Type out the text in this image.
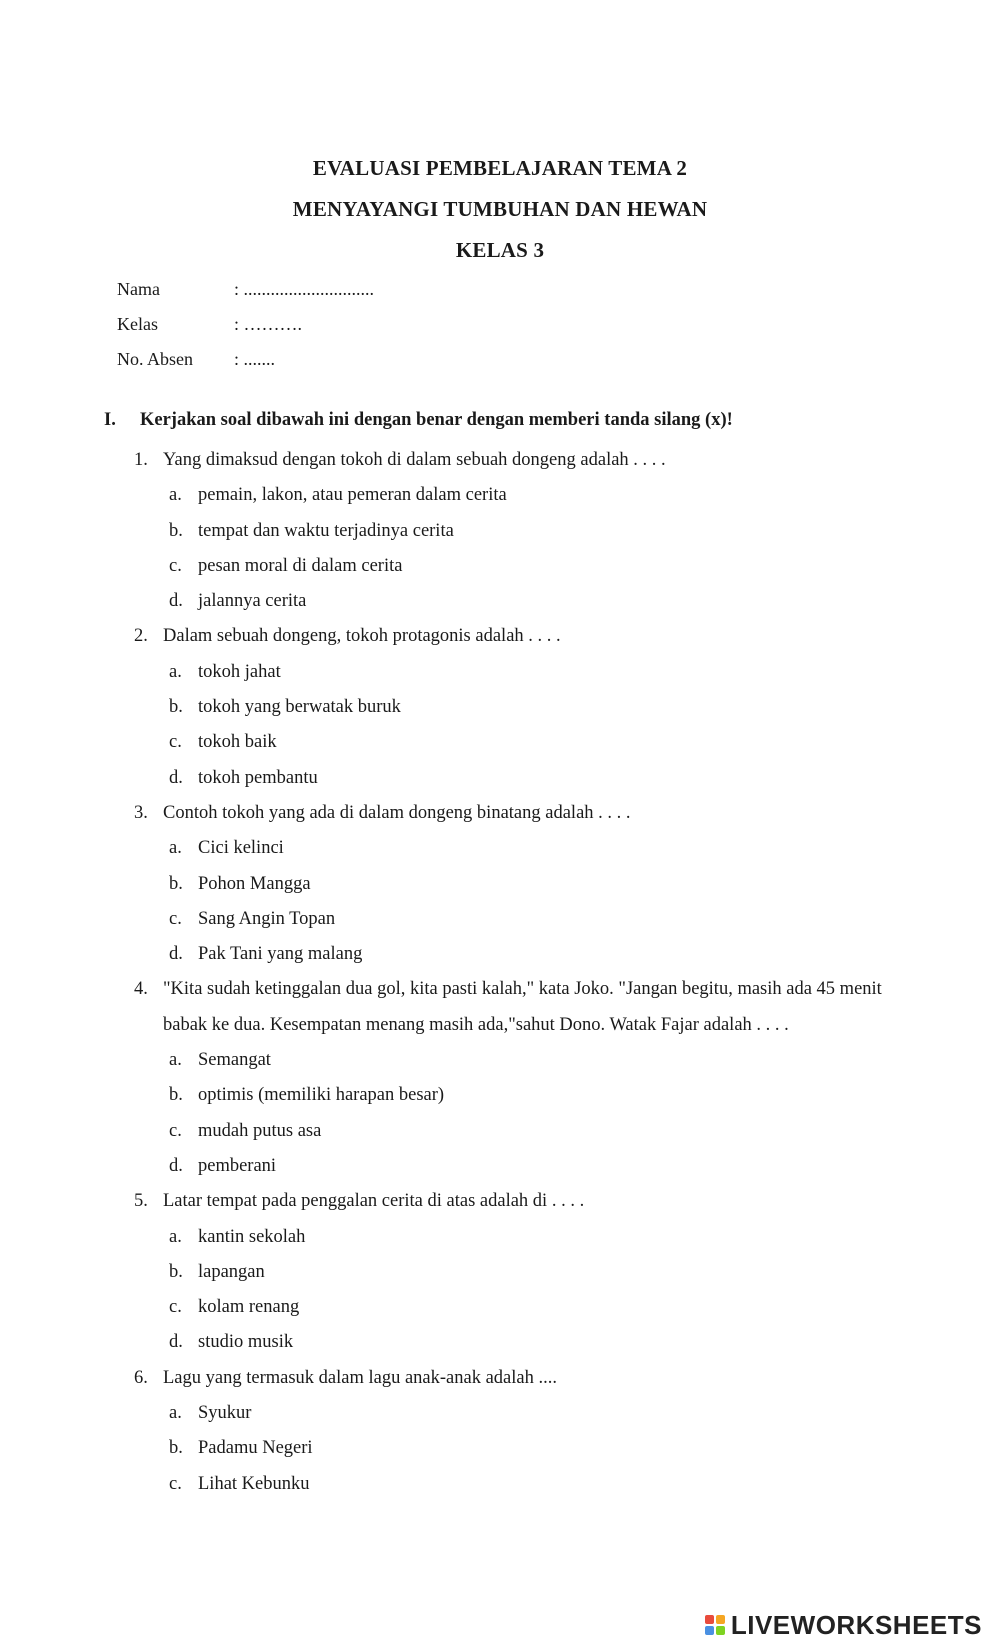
EVALUASI PEMBELAJARAN TEMA 2
MENYAYANGI TUMBUHAN DAN HEWAN
KELAS 3
Nama	: .............................
Kelas	: ……….
No. Absen : .......
I. Kerjakan soal dibawah ini dengan benar dengan memberi tanda silang (x)!
1. Yang dimaksud dengan tokoh di dalam sebuah dongeng adalah . . . .
a. pemain, lakon, atau pemeran dalam cerita
b. tempat dan waktu terjadinya cerita
c. pesan moral di dalam cerita
d. jalannya cerita
2. Dalam sebuah dongeng, tokoh protagonis adalah . . . .
a. tokoh jahat
b. tokoh yang berwatak buruk
c. tokoh baik
d. tokoh pembantu
3. Contoh tokoh yang ada di dalam dongeng binatang adalah . . . .
a. Cici kelinci
b. Pohon Mangga
c. Sang Angin Topan
d. Pak Tani yang malang
4. "Kita sudah ketinggalan dua gol, kita pasti kalah," kata Joko. "Jangan begitu, masih ada 45 menit babak ke dua. Kesempatan menang masih ada,"sahut Dono. Watak Fajar adalah . . . .
a. Semangat
b. optimis (memiliki harapan besar)
c. mudah putus asa
d. pemberani
5. Latar tempat pada penggalan cerita di atas adalah di . . . .
a. kantin sekolah
b. lapangan
c. kolam renang
d. studio musik
6. Lagu yang termasuk dalam lagu anak-anak adalah ....
a. Syukur
b. Padamu Negeri
c. Lihat Kebunku
LIVEWORKSHEETS
